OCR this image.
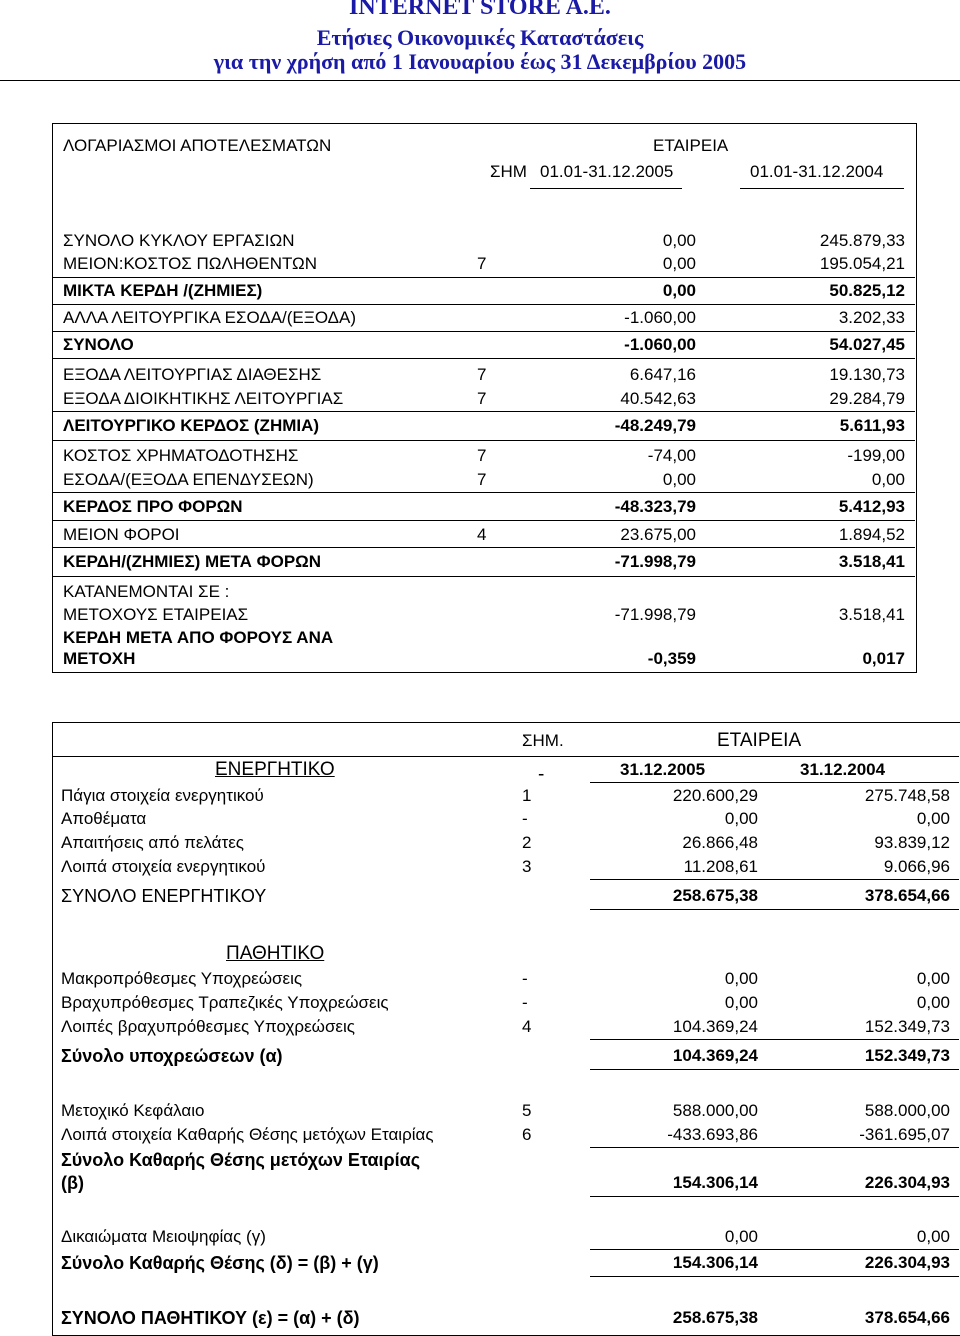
INTERNET STORE A.E.
Ετήσιες Οικονομικές Καταστάσεις
για την χρήση από 1 Ιανουαρίου έως 31 Δεκεμβρίου 2005
ΛΟΓΑΡΙΑΣΜΟΙ ΑΠΟΤΕΛΕΣΜΑΤΩΝ	ΕΤΑΙΡΕΙΑ
ΣΗΜ 01.01-31.12.2005	01.01-31.12.2004
ΣΥΝΟΛΟ ΚΥΚΛΟΥ ΕΡΓΑΣΙΩΝ	0,00	245.879,33
ΜΕΙΟΝ:ΚΟΣΤΟΣ ΠΩΛΗΘΕΝΤΩΝ	7	0,00	195.054,21
ΜΙΚΤΑ ΚΕΡΔΗ /(ΖΗΜΙΕΣ)	0,00	50.825,12
ΑΛΛΑ ΛΕΙΤΟΥΡΓΙΚΑ ΕΣΟΔΑ/(ΕΞΟΔΑ)	-1.060,00	3.202,33
ΣΥΝΟΛΟ	-1.060,00	54.027,45
ΕΞΟΔΑ ΛΕΙΤΟΥΡΓΙΑΣ ΔΙΑΘΕΣΗΣ	7	6.647,16	19.130,73
ΕΞΟΔΑ ΔΙΟΙΚΗΤΙΚΗΣ ΛΕΙΤΟΥΡΓΙΑΣ	7	40.542,63	29.284,79
ΛΕΙΤΟΥΡΓΙΚΟ ΚΕΡΔΟΣ (ΖΗΜΙΑ)	-48.249,79	5.611,93
ΚΟΣΤΟΣ ΧΡΗΜΑΤΟΔΟΤΗΣΗΣ	7	-74,00	-199,00
ΕΣΟΔΑ/(ΕΞΟΔΑ ΕΠΕΝΔΥΣΕΩΝ)	7	0,00	0,00
ΚΕΡΔΟΣ ΠΡΟ ΦΟΡΩΝ	-48.323,79	5.412,93
ΜΕΙΟΝ ΦΟΡΟΙ	4	23.675,00	1.894,52
ΚΕΡΔΗ/(ΖΗΜΙΕΣ) ΜΕΤΑ ΦΟΡΩΝ	-71.998,79	3.518,41
ΚΑΤΑΝΕΜΟΝΤΑΙ ΣΕ :
ΜΕΤΟΧΟΥΣ ΕΤΑΙΡΕΙΑΣ	-71.998,79	3.518,41
ΚΕΡΔΗ ΜΕΤΑ ΑΠΟ ΦΟΡΟΥΣ ΑΝΑ
ΜΕΤΟΧΗ	-0,359	0,017
ΣΗΜ.	ΕΤΑΙΡΕΙΑ
ΕΝΕΡΓΗΤΙΚΟ	-	31.12.2005	31.12.2004
Πάγια στοιχεία ενεργητικού	1	220.600,29	275.748,58
Αποθέματα	-	0,00	0,00
Απαιτήσεις από πελάτες	2	26.866,48	93.839,12
Λοιπά στοιχεία ενεργητικού	3	11.208,61	9.066,96
ΣΥΝΟΛΟ ΕΝΕΡΓΗΤΙΚΟΥ	258.675,38	378.654,66
ΠΑΘΗΤΙΚΟ
Μακροπρόθεσμες Υποχρεώσεις	-	0,00	0,00
Βραχυπρόθεσμες Τραπεζικές Υποχρεώσεις	-	0,00	0,00
Λοιπές βραχυπρόθεσμες Υποχρεώσεις	4	104.369,24	152.349,73
Σύνολο υποχρεώσεων (α)	104.369,24	152.349,73
Μετοχικό Κεφάλαιο	5	588.000,00	588.000,00
Λοιπά στοιχεία Καθαρής Θέσης μετόχων Εταιρίας	6	-433.693,86	-361.695,07
Σύνολο Καθαρής Θέσης μετόχων Εταιρίας
(β)	154.306,14	226.304,93
Δικαιώματα Μειοψηφίας (γ)	0,00	0,00
Σύνολο Καθαρής Θέσης (δ) = (β) + (γ)	154.306,14	226.304,93
ΣΥΝΟΛΟ ΠΑΘΗΤΙΚΟΥ (ε) = (α) + (δ)	258.675,38	378.654,66
